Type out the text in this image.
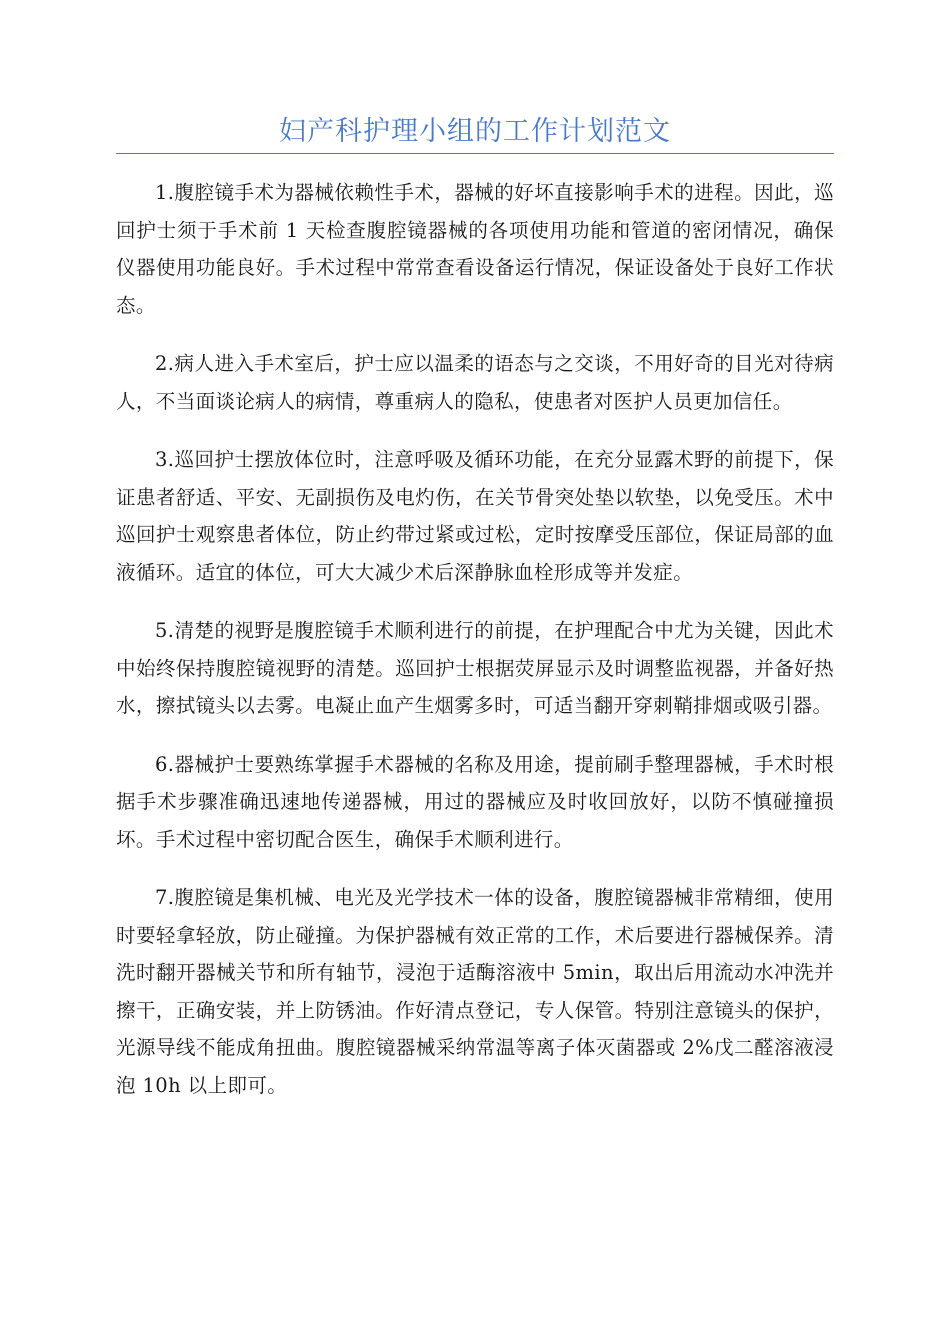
妇产科护理小组的工作计划范文

1.腹腔镜手术为器械依赖性手术，器械的好坏直接影响手术的进程。因此，巡回护士须于手术前 1 天检查腹腔镜器械的各项使用功能和管道的密闭情况，确保仪器使用功能良好。手术过程中常常查看设备运行情况，保证设备处于良好工作状态。

2.病人进入手术室后，护士应以温柔的语态与之交谈，不用好奇的目光对待病人，不当面谈论病人的病情，尊重病人的隐私，使患者对医护人员更加信任。

3.巡回护士摆放体位时，注意呼吸及循环功能，在充分显露术野的前提下，保证患者舒适、平安、无副损伤及电灼伤，在关节骨突处垫以软垫，以免受压。术中巡回护士观察患者体位，防止约带过紧或过松，定时按摩受压部位，保证局部的血液循环。适宜的体位，可大大减少术后深静脉血栓形成等并发症。

5.清楚的视野是腹腔镜手术顺利进行的前提，在护理配合中尤为关键，因此术中始终保持腹腔镜视野的清楚。巡回护士根据荧屏显示及时调整监视器，并备好热水，擦拭镜头以去雾。电凝止血产生烟雾多时，可适当翻开穿刺鞘排烟或吸引器。

6.器械护士要熟练掌握手术器械的名称及用途，提前刷手整理器械，手术时根据手术步骤准确迅速地传递器械，用过的器械应及时收回放好，以防不慎碰撞损坏。手术过程中密切配合医生，确保手术顺利进行。

7.腹腔镜是集机械、电光及光学技术一体的设备，腹腔镜器械非常精细，使用时要轻拿轻放，防止碰撞。为保护器械有效正常的工作，术后要进行器械保养。清洗时翻开器械关节和所有轴节，浸泡于适酶溶液中 5min，取出后用流动水冲洗并擦干，正确安装，并上防锈油。作好清点登记，专人保管。特别注意镜头的保护，光源导线不能成角扭曲。腹腔镜器械采纳常温等离子体灭菌器或 2%戊二醛溶液浸泡 10h 以上即可。
